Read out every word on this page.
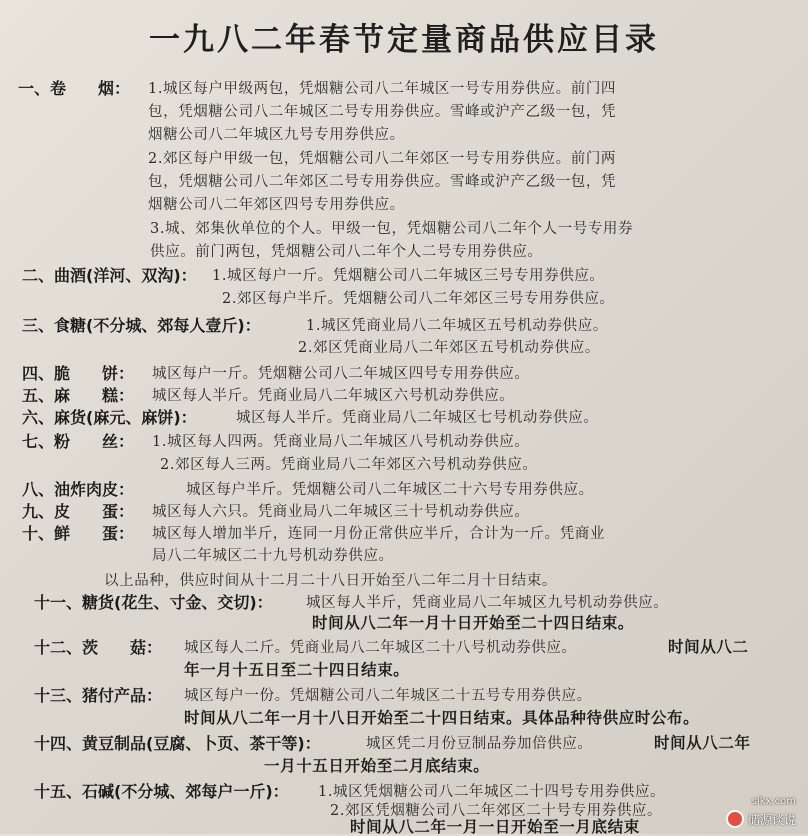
一九八二年春节定量商品供应目录
一、卷　　烟： 1.城区每户甲级两包，凭烟糖公司八二年城区一号专用券供应。前门四
包，凭烟糖公司八二年城区二号专用券供应。雪峰或沪产乙级一包，凭
烟糖公司八二年城区九号专用券供应。
2.郊区每户甲级一包，凭烟糖公司八二年郊区一号专用券供应。前门两
包，凭烟糖公司八二年郊区二号专用券供应。雪峰或沪产乙级一包，凭
烟糖公司八二年郊区四号专用券供应。
3.城、郊集伙单位的个人。甲级一包，凭烟糖公司八二年个人一号专用券
供应。前门两包，凭烟糖公司八二年个人二号专用券供应。
二、曲酒(洋河、双沟)： 1.城区每户一斤。凭烟糖公司八二年城区三号专用券供应。
2.郊区每户半斤。凭烟糖公司八二年郊区三号专用券供应。
三、食糖(不分城、郊每人壹斤)：	1.城区凭商业局八二年城区五号机动券供应。
2.郊区凭商业局八二年郊区五号机动券供应。
四、脆　　饼： 城区每户一斤。凭烟糖公司八二年城区四号专用券供应。
五、麻　　糕： 城区每人半斤。凭商业局八二年城区六号机动券供应。
六、麻货(麻元、麻饼)：	城区每人半斤。凭商业局八二年城区七号机动券供应。
七、粉　　丝： 1.城区每人四两。凭商业局八二年城区八号机动券供应。
2.郊区每人三两。凭商业局八二年郊区六号机动券供应。
八、油炸肉皮：	城区每户半斤。凭烟糖公司八二年城区二十六号专用券供应。
九、皮　　蛋： 城区每人六只。凭商业局八二年城区三十号机动券供应。
十、鲜　　蛋： 城区每人增加半斤，连同一月份正常供应半斤，合计为一斤。凭商业
局八二年城区二十九号机动券供应。
以上品种，供应时间从十二月二十八日开始至八二年二月十日结束。
十一、糖货(花生、寸金、交切)： 城区每人半斤，凭商业局八二年城区九号机动券供应。
时间从八二年一月十日开始至二十四日结束。
十二、茨　　菇： 城区每人二斤。凭商业局八二年城区二十八号机动券供应。	时间从八二
年一月十五日至二十四日结束。
十三、猪付产品： 城区每户一份。凭烟糖公司八二年城区二十五号专用券供应。
时间从八二年一月十八日开始至二十四日结束。具体品种待供应时公布。
十四、黄豆制品(豆腐、卜页、茶干等)：	城区凭二月份豆制品券加倍供应。	时间从八二年
一月十五日开始至二月底结束。
十五、石碱(不分城、郊每户一斤)： 1.城区凭烟糖公司八二年城区二十四号专用券供应。
2.郊区凭烟糖公司八二年郊区二十号专用券供应。
时间从八二年一月一日开始至一月底结束
sikx.com
储源谈说
